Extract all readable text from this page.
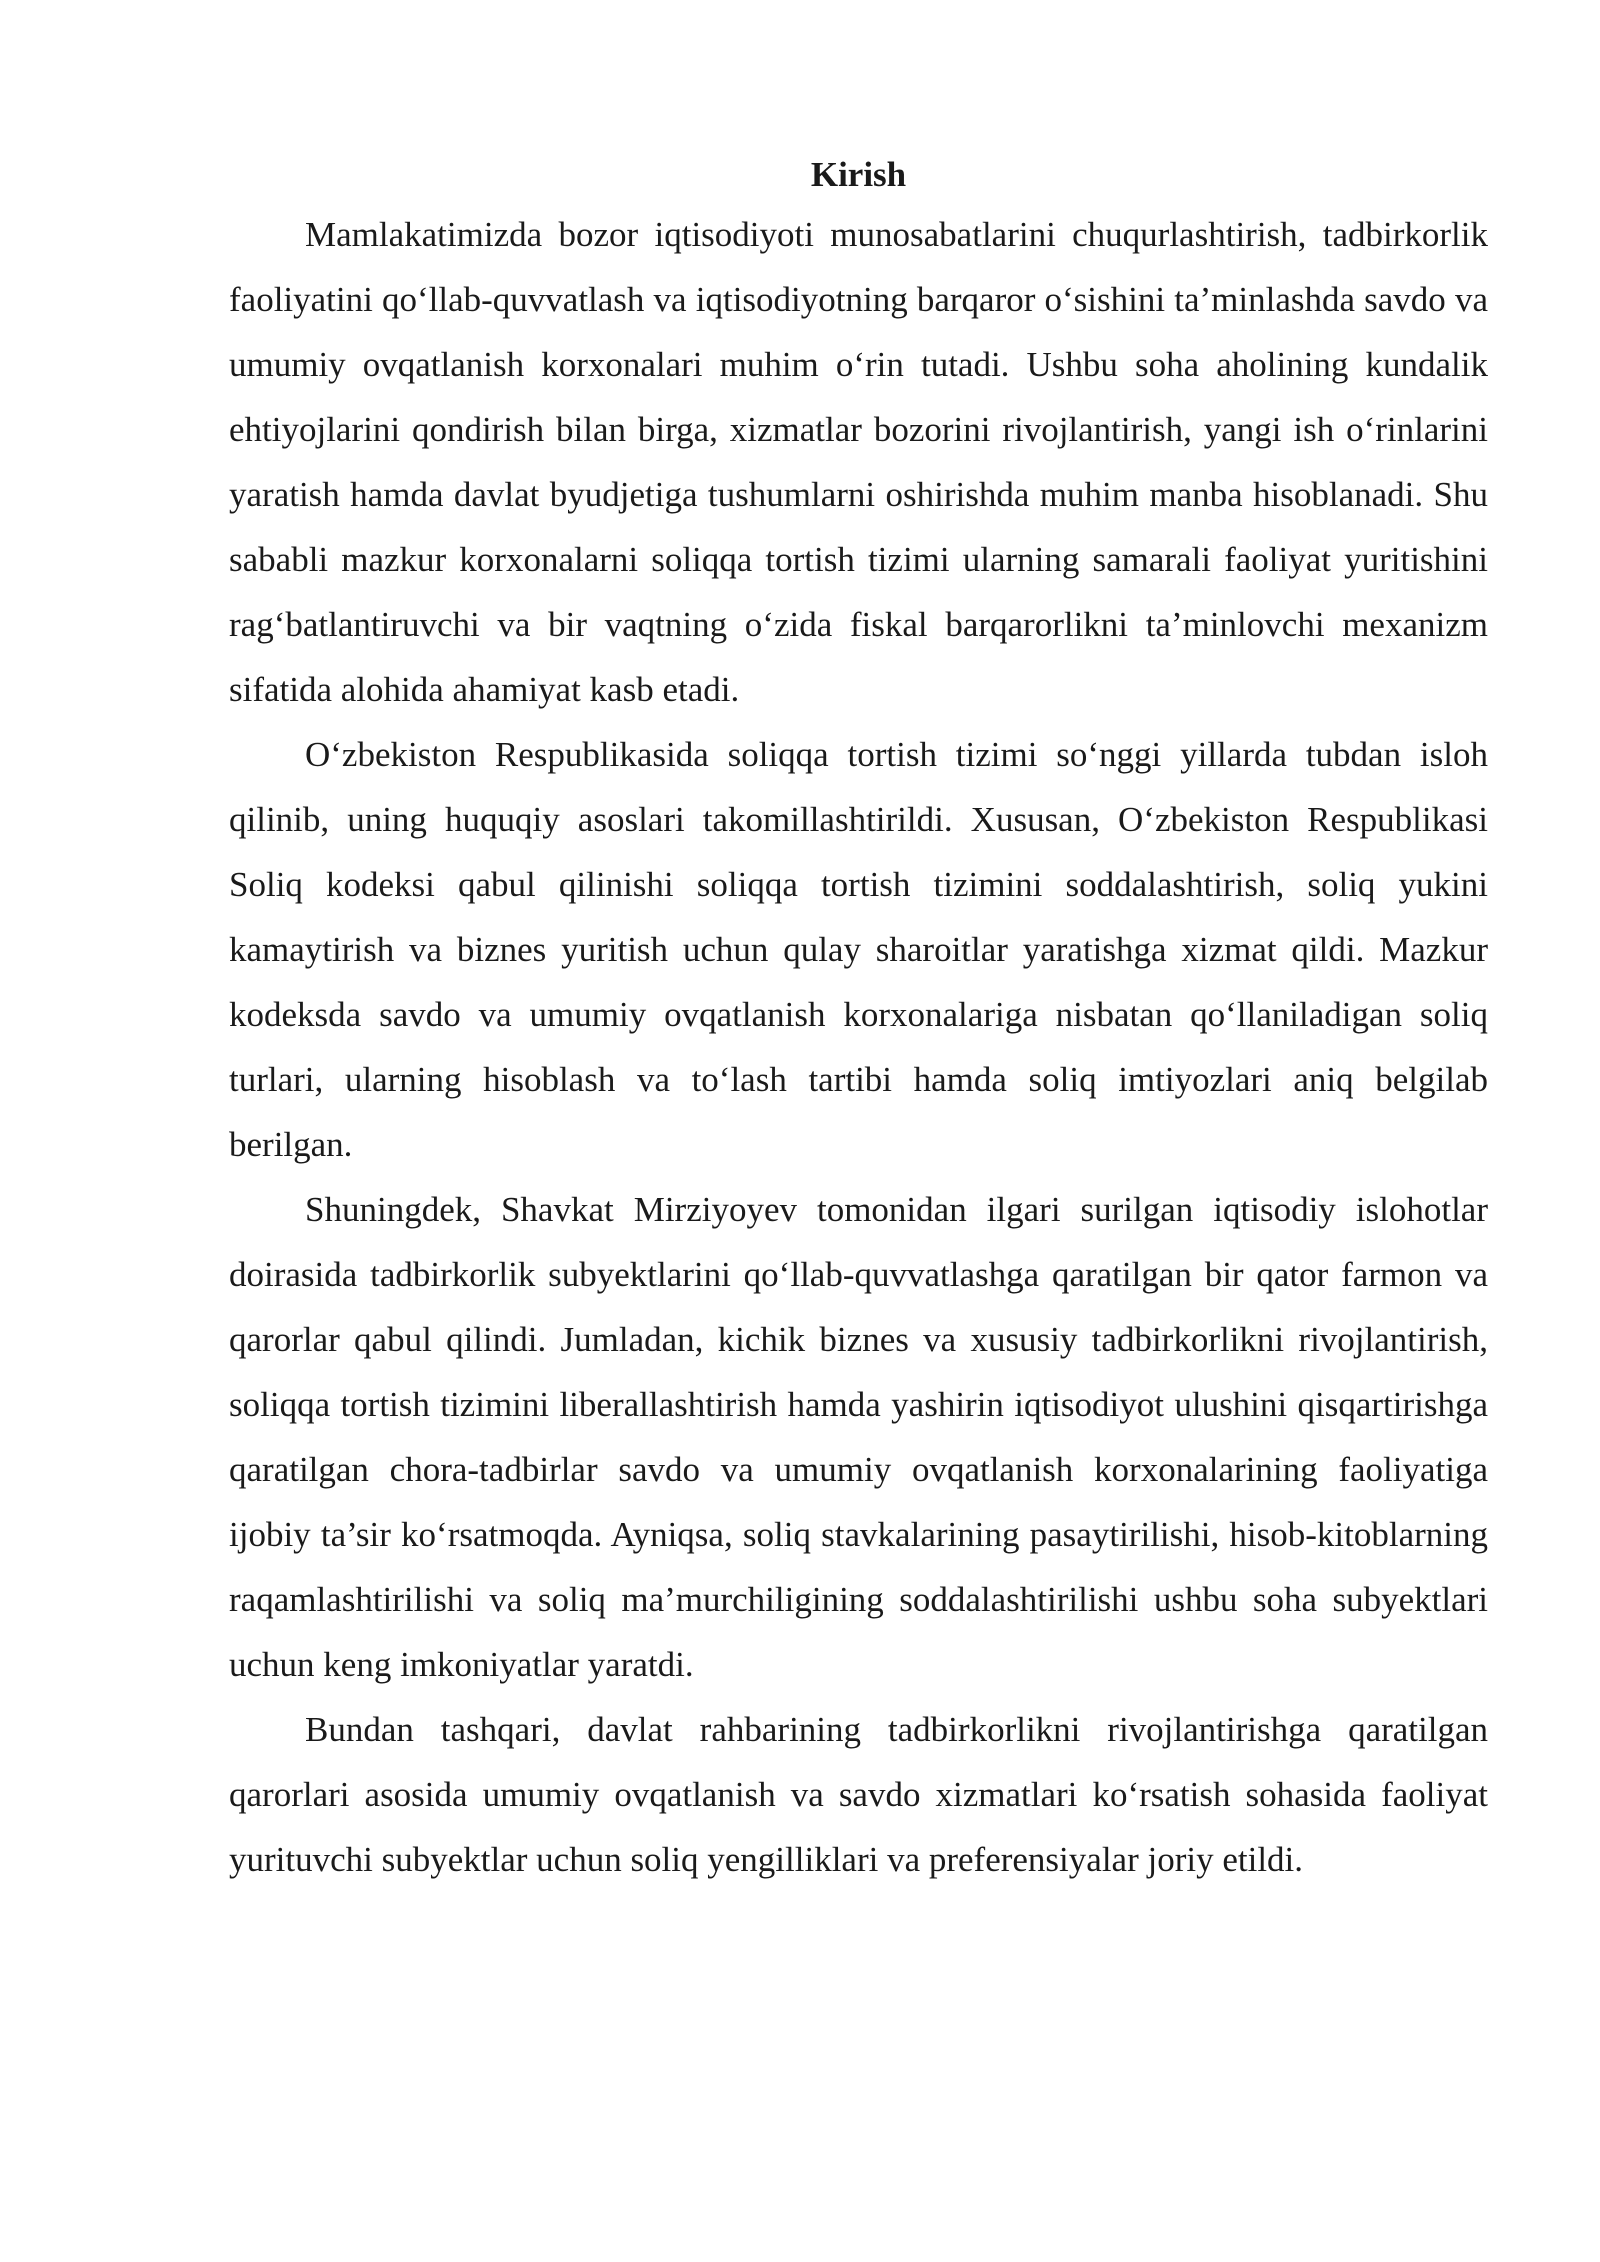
Kirish

Mamlakatimizda bozor iqtisodiyoti munosabatlarini chuqurlashtirish, tadbirkorlik faoliyatini qo‘llab-quvvatlash va iqtisodiyotning barqaror o‘sishini ta’minlashda savdo va umumiy ovqatlanish korxonalari muhim o‘rin tutadi. Ushbu soha aholining kundalik ehtiyojlarini qondirish bilan birga, xizmatlar bozorini rivojlantirish, yangi ish o‘rinlarini yaratish hamda davlat byudjetiga tushumlarni oshirishda muhim manba hisoblanadi. Shu sababli mazkur korxonalarni soliqqa tortish tizimi ularning samarali faoliyat yuritishini rag‘batlantiruvchi va bir vaqtning o‘zida fiskal barqarorlikni ta’minlovchi mexanizm sifatida alohida ahamiyat kasb etadi.

O‘zbekiston Respublikasida soliqqa tortish tizimi so‘nggi yillarda tubdan isloh qilinib, uning huquqiy asoslari takomillashtirildi. Xususan, O‘zbekiston Respublikasi Soliq kodeksi qabul qilinishi soliqqa tortish tizimini soddalashtirish, soliq yukini kamaytirish va biznes yuritish uchun qulay sharoitlar yaratishga xizmat qildi. Mazkur kodeksda savdo va umumiy ovqatlanish korxonalariga nisbatan qo‘llaniladigan soliq turlari, ularning hisoblash va to‘lash tartibi hamda soliq imtiyozlari aniq belgilab berilgan.

Shuningdek, Shavkat Mirziyoyev tomonidan ilgari surilgan iqtisodiy islohotlar doirasida tadbirkorlik subyektlarini qo‘llab-quvvatlashga qaratilgan bir qator farmon va qarorlar qabul qilindi. Jumladan, kichik biznes va xususiy tadbirkorlikni rivojlantirish, soliqqa tortish tizimini liberallashtirish hamda yashirin iqtisodiyot ulushini qisqartirishga qaratilgan chora-tadbirlar savdo va umumiy ovqatlanish korxonalarining faoliyatiga ijobiy ta’sir ko‘rsatmoqda. Ayniqsa, soliq stavkalarining pasaytirilishi, hisob-kitoblarning raqamlashtirilishi va soliq ma’murchiligining soddalashtirilishi ushbu soha subyektlari uchun keng imkoniyatlar yaratdi.

Bundan tashqari, davlat rahbarining tadbirkorlikni rivojlantirishga qaratilgan qarorlari asosida umumiy ovqatlanish va savdo xizmatlari ko‘rsatish sohasida faoliyat yurituvchi subyektlar uchun soliq yengilliklari va preferensiyalar joriy etildi.
